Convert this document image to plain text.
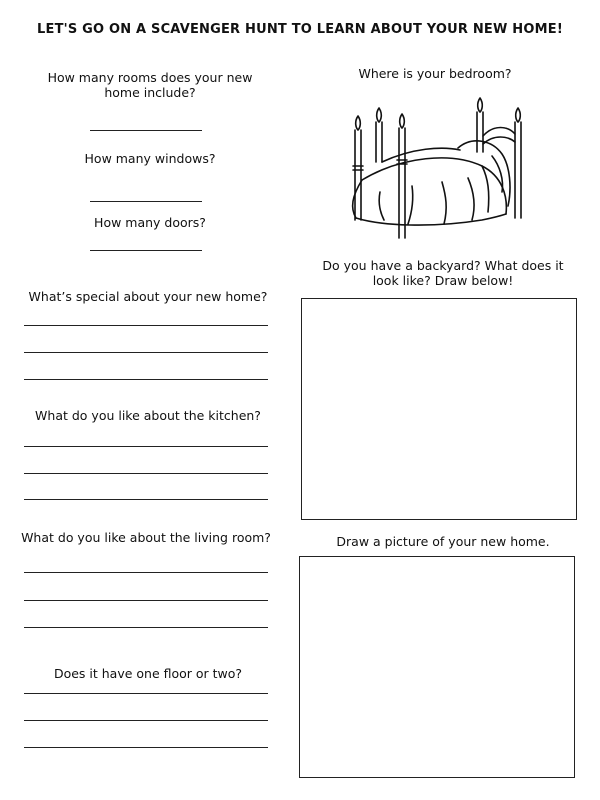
LET'S GO ON A SCAVENGER HUNT TO LEARN ABOUT YOUR NEW HOME!
How many rooms does your new home include?
How many windows?
How many doors?
What’s special about your new home?
What do you like about the kitchen?
What do you like about the living room?
Does it have one floor or two?
Where is your bedroom?
Do you have a backyard? What does it look like? Draw below!
Draw a picture of your new home.
